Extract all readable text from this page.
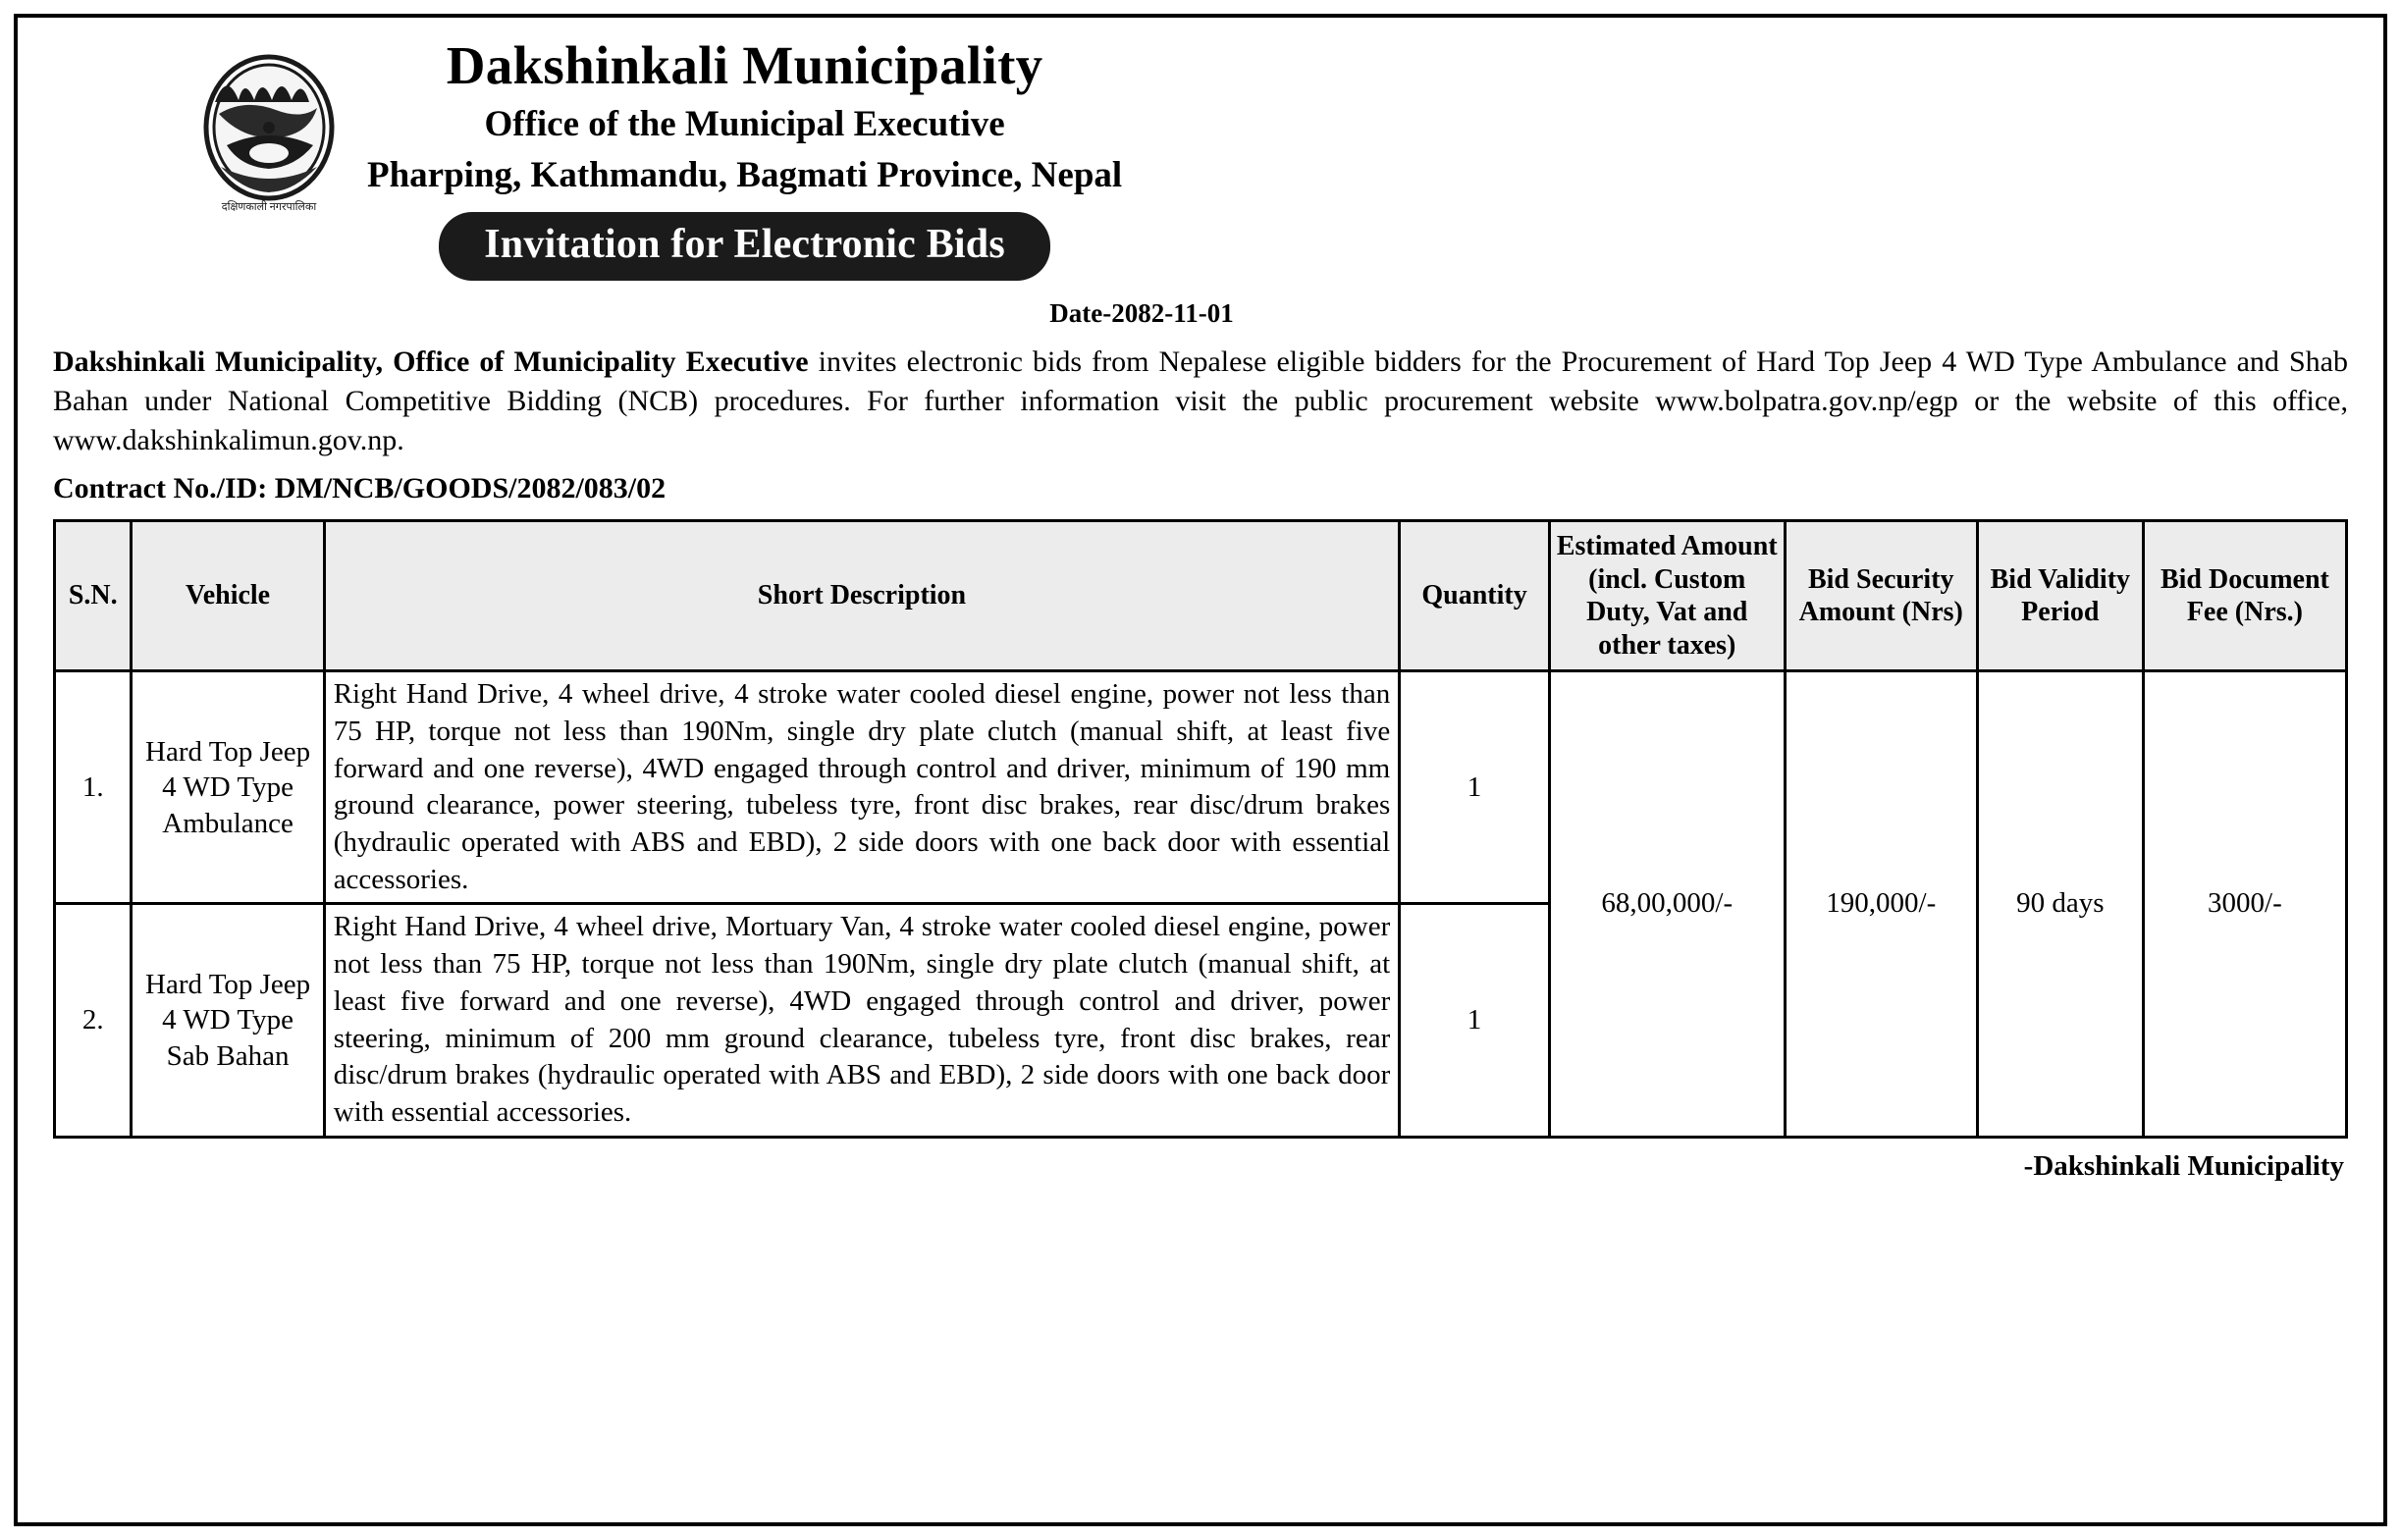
दक्षिणकाली नगरपालिका
Dakshinkali Municipality
Office of the Municipal Executive
Pharping, Kathmandu, Bagmati Province, Nepal
Invitation for Electronic Bids
Date-2082-11-01
Dakshinkali Municipality, Office of Municipality Executive invites electronic bids from Nepalese eligible bidders for the Procurement of Hard Top Jeep 4 WD Type Ambulance and Shab Bahan under National Competitive Bidding (NCB) procedures. For further information visit the public procurement website www.bolpatra.gov.np/egp or the website of this office, www.dakshinkalimun.gov.np.
Contract No./ID: DM/NCB/GOODS/2082/083/02
S.N.	Vehicle	Short Description	Quantity	Estimated Amount (incl. Custom Duty, Vat and other taxes)	Bid Security Amount (Nrs)	Bid Validity Period	Bid Document Fee (Nrs.)
1.	Hard Top Jeep 4 WD Type Ambulance	Right Hand Drive, 4 wheel drive, 4 stroke water cooled diesel engine, power not less than 75 HP, torque not less than 190Nm, single dry plate clutch (manual shift, at least five forward and one reverse), 4WD engaged through control and driver, minimum of 190 mm ground clearance, power steering, tubeless tyre, front disc brakes, rear disc/drum brakes (hydraulic operated with ABS and EBD), 2 side doors with one back door with essential accessories.	1	68,00,000/-	190,000/-	90 days	3000/-
2.	Hard Top Jeep 4 WD Type Sab Bahan	Right Hand Drive, 4 wheel drive, Mortuary Van, 4 stroke water cooled diesel engine, power not less than 75 HP, torque not less than 190Nm, single dry plate clutch (manual shift, at least five forward and one reverse), 4WD engaged through control and driver, power steering, minimum of 200 mm ground clearance, tubeless tyre, front disc brakes, rear disc/drum brakes (hydraulic operated with ABS and EBD), 2 side doors with one back door with essential accessories.	1				
-Dakshinkali Municipality
